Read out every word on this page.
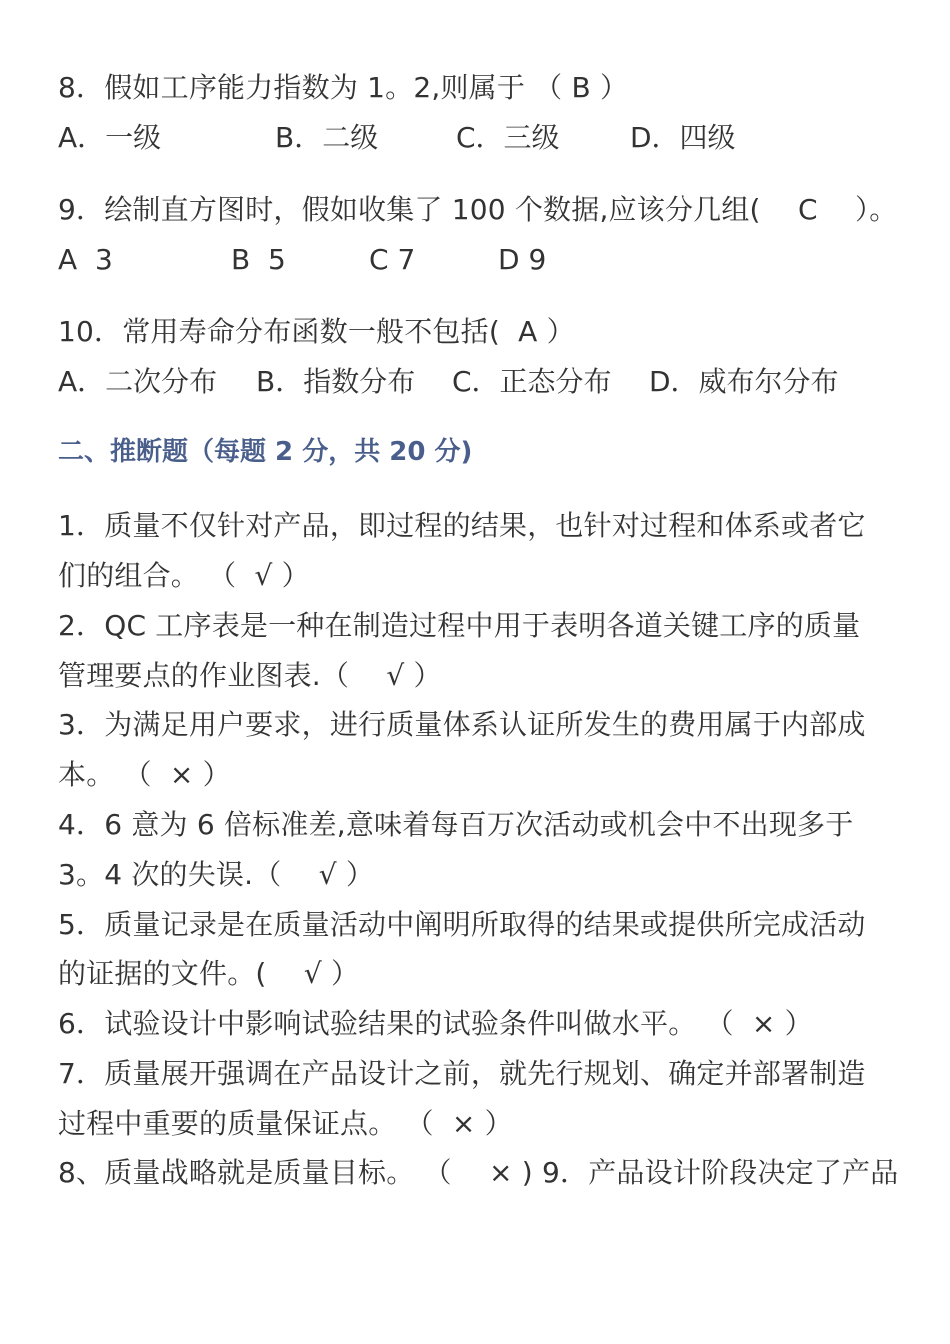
8．假如工序能力指数为 1。2,则属于 （ B ）
A．一级	B．二级	C．三级	D．四级
9．绘制直方图时，假如收集了 100 个数据,应该分几组(　 C 　）。
A  3	B  5	C 7	D 9
10．常用寿命分布函数一般不包括(  A ）
A．二次分布 B．指数分布 C．正态分布 D．威布尔分布
二、推断题（每题 2 分，共 20 分)
1．质量不仅针对产品，即过程的结果，也针对过程和体系或者它
们的组合。 （  √ ）
2．QC 工序表是一种在制造过程中用于表明各道关键工序的质量
管理要点的作业图表.（ 　√ ）
3．为满足用户要求，进行质量体系认证所发生的费用属于内部成
本。 （  × ）
4．6 意为 6 倍标准差,意味着每百万次活动或机会中不出现多于
3。4 次的失误.（ 　√ ）
5．质量记录是在质量活动中阐明所取得的结果或提供所完成活动
的证据的文件。( 　√ ）
6．试验设计中影响试验结果的试验条件叫做水平。 （  × ）
7．质量展开强调在产品设计之前，就先行规划、确定并部署制造
过程中重要的质量保证点。 （  × ）
8、质量战略就是质量目标。 （ 　× ) 9．产品设计阶段决定了产品
